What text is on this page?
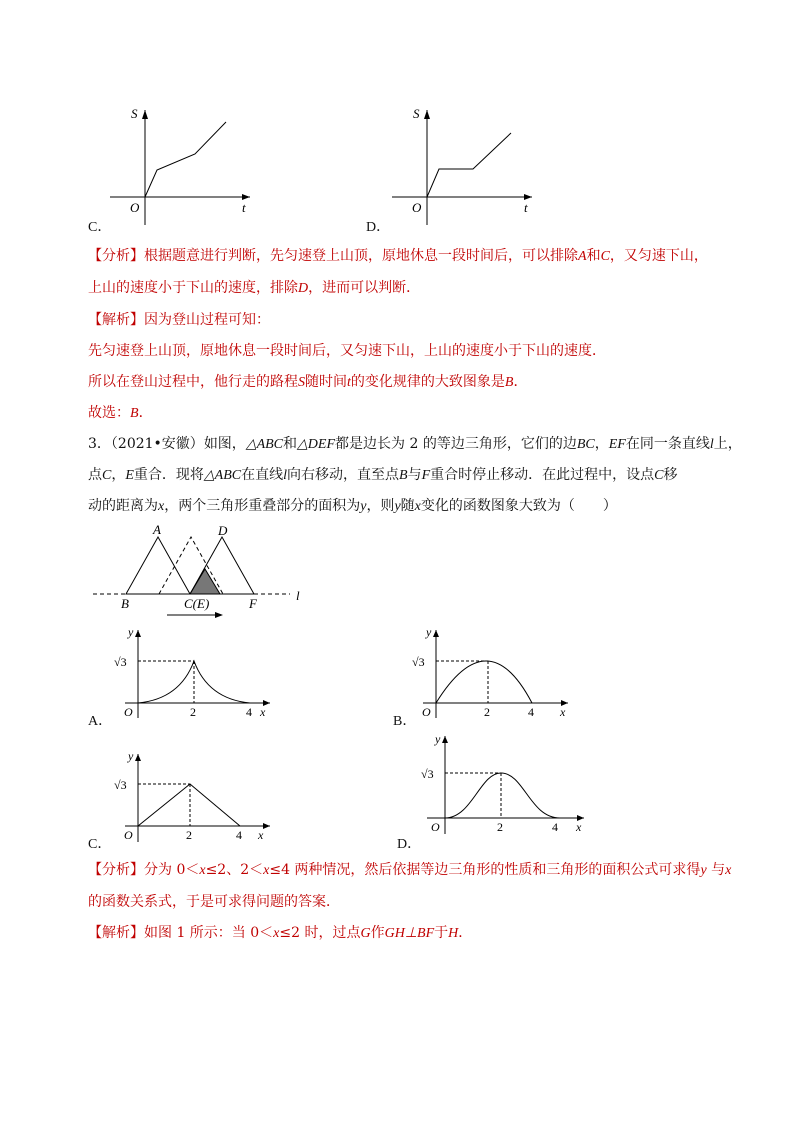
S
t
O
C．
S
t
O
D．
【分析】根据题意进行判断，先匀速登上山顶，原地休息一段时间后，可以排除A和C，又匀速下山，
上山的速度小于下山的速度，排除D，进而可以判断．
【解析】因为登山过程可知：
先匀速登上山顶，原地休息一段时间后，又匀速下山，上山的速度小于下山的速度．
所以在登山过程中，他行走的路程S随时间t的变化规律的大致图象是B．
故选：B．
3．（2021•安徽）如图，△ABC和△DEF都是边长为 2 的等边三角形，它们的边BC，EF在同一条直线l上，
点C，E重合．现将△ABC在直线l向右移动，直至点B与F重合时停止移动．在此过程中，设点C移
动的距离为x，两个三角形重叠部分的面积为y，则y随x变化的函数图象大致为（　　）
A	D
B	C(E)	F
l
y
x
O
√3
2	4
A．
y
x
O
√3
2	4
B．
y
x
O
√3
2	4
C．
y
x
O
√3
2	4
D．
【分析】分为 0＜x≤2、2＜x≤4 两种情况，然后依据等边三角形的性质和三角形的面积公式可求得y 与x
的函数关系式，于是可求得问题的答案．
【解析】如图 1 所示：当 0＜x≤2 时，过点G作GH⊥BF于H．
